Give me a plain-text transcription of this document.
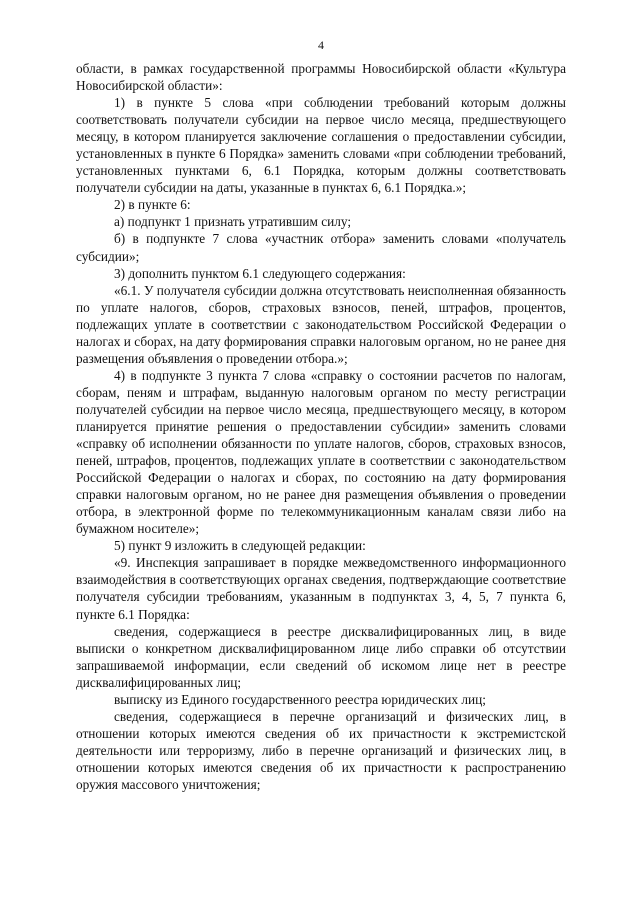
4

области, в рамках государственной программы Новосибирской области «Культура Новосибирской области»:

1) в пункте 5 слова «при соблюдении требований которым должны соответствовать получатели субсидии на первое число месяца, предшествующего месяцу, в котором планируется заключение соглашения о предоставлении субсидии, установленных в пункте 6 Порядка» заменить словами «при соблюдении требований, установленных пунктами 6, 6.1 Порядка, которым должны соответствовать получатели субсидии на даты, указанные в пунктах 6, 6.1 Порядка.»;

2) в пункте 6:

а) подпункт 1 признать утратившим силу;

б) в подпункте 7 слова «участник отбора» заменить словами «получатель субсидии»;

3) дополнить пунктом 6.1 следующего содержания:

«6.1. У получателя субсидии должна отсутствовать неисполненная обязанность по уплате налогов, сборов, страховых взносов, пеней, штрафов, процентов, подлежащих уплате в соответствии с законодательством Российской Федерации о налогах и сборах, на дату формирования справки налоговым органом, но не ранее дня размещения объявления о проведении отбора.»;

4) в подпункте 3 пункта 7 слова «справку о состоянии расчетов по налогам, сборам, пеням и штрафам, выданную налоговым органом по месту регистрации получателей субсидии на первое число месяца, предшествующего месяцу, в котором планируется принятие решения о предоставлении субсидии» заменить словами «справку об исполнении обязанности по уплате налогов, сборов, страховых взносов, пеней, штрафов, процентов, подлежащих уплате в соответствии с законодательством Российской Федерации о налогах и сборах, по состоянию на дату формирования справки налоговым органом, но не ранее дня размещения объявления о проведении отбора, в электронной форме по телекоммуникационным каналам связи либо на бумажном носителе»;

5) пункт 9 изложить в следующей редакции:

«9. Инспекция запрашивает в порядке межведомственного информационного взаимодействия в соответствующих органах сведения, подтверждающие соответствие получателя субсидии требованиям, указанным в подпунктах 3, 4, 5, 7 пункта 6, пункте 6.1 Порядка:

сведения, содержащиеся в реестре дисквалифицированных лиц, в виде выписки о конкретном дисквалифицированном лице либо справки об отсутствии запрашиваемой информации, если сведений об искомом лице нет в реестре дисквалифицированных лиц;

выписку из Единого государственного реестра юридических лиц;

сведения, содержащиеся в перечне организаций и физических лиц, в отношении которых имеются сведения об их причастности к экстремистской деятельности или терроризму, либо в перечне организаций и физических лиц, в отношении которых имеются сведения об их причастности к распространению оружия массового уничтожения;
